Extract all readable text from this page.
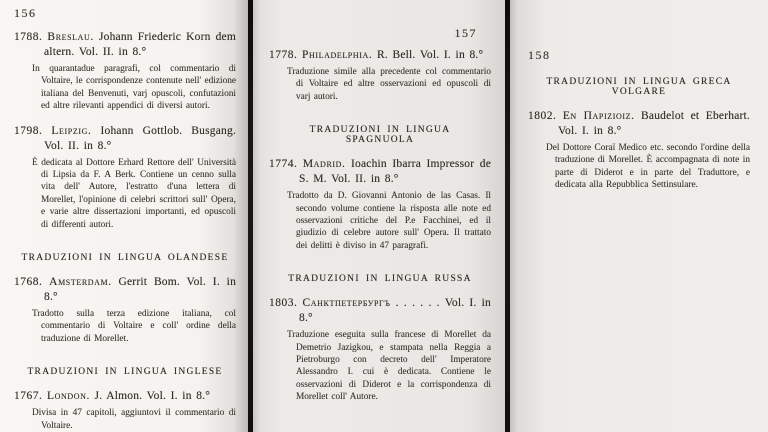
156

1788. Breslau. Johann Friederic Korn dem altern. Vol. II. in 8.°

In quarantadue paragrafi, col commentario di Voltaire, le corrispondenze contenute nell' edizione italiana del Benvenuti, varj opuscoli, confutazioni ed altre rilevanti appendici di diversi autori.

1798. Leipzig. Iohann Gottlob. Busgang. Vol. II. in 8.°

È dedicata al Dottore Erhard Rettore dell' Università di Lipsia da F. A Berk. Contiene un cenno sulla vita dell' Autore, l'estratto d'una lettera di Morellet, l'opinione di celebri scrittori sull' Opera, e varie altre dissertazioni importanti, ed opuscoli di differenti autori.

TRADUZIONI IN LINGUA OLANDESE

1768. Amsterdam. Gerrit Bom. Vol. I. in 8.°

Tradotto sulla terza edizione italiana, col commentario di Voltaire e coll' ordine della traduzione di Morellet.

TRADUZIONI IN LINGUA INGLESE

1767. London. J. Almon. Vol. I. in 8.°

Divisa in 47 capitoli, aggiuntovi il commentario di Voltaire.

157

1778. Philadelphia. R. Bell. Vol. I. in 8.°

Traduzione simile alla precedente col commentario di Voltaire ed altre osservazioni ed opuscoli di varj autori.

TRADUZIONI IN LINGUA SPAGNUOLA

1774. Madrid. Ioachin Ibarra Impressor de S. M. Vol. II. in 8.°

Tradotto da D. Giovanni Antonio de las Casas. Il secondo volume contiene la risposta alle note ed osservazioni critiche del P.e Facchinei, ed il giudizio di celebre autore sull' Opera. Il trattato dei delitti è diviso in 47 paragrafi.

TRADUZIONI IN LINGUA RUSSA

1803. Санктпетербургъ . . . . . . Vol. I. in 8.°

Traduzione eseguita sulla francese di Morellet da Demetrio Jazigkou, e stampata nella Reggia a Pietroburgo con decreto dell' Imperatore Alessandro I. cui è dedicata. Contiene le osservazioni di Diderot e la corrispondenza di Morellet coll' Autore.

158
TRADUZIONI IN LINGUA GRECA VOLGARE

1802. En Παριζιοιζ. Baudelot et Eberhart. Vol. I. in 8.°

Del Dottore Coraï Medico etc. secondo l'ordine della traduzione di Morellet. È accompagnata di note in parte di Diderot e in parte del Traduttore, e dedicata alla Repubblica Settinsulare.
